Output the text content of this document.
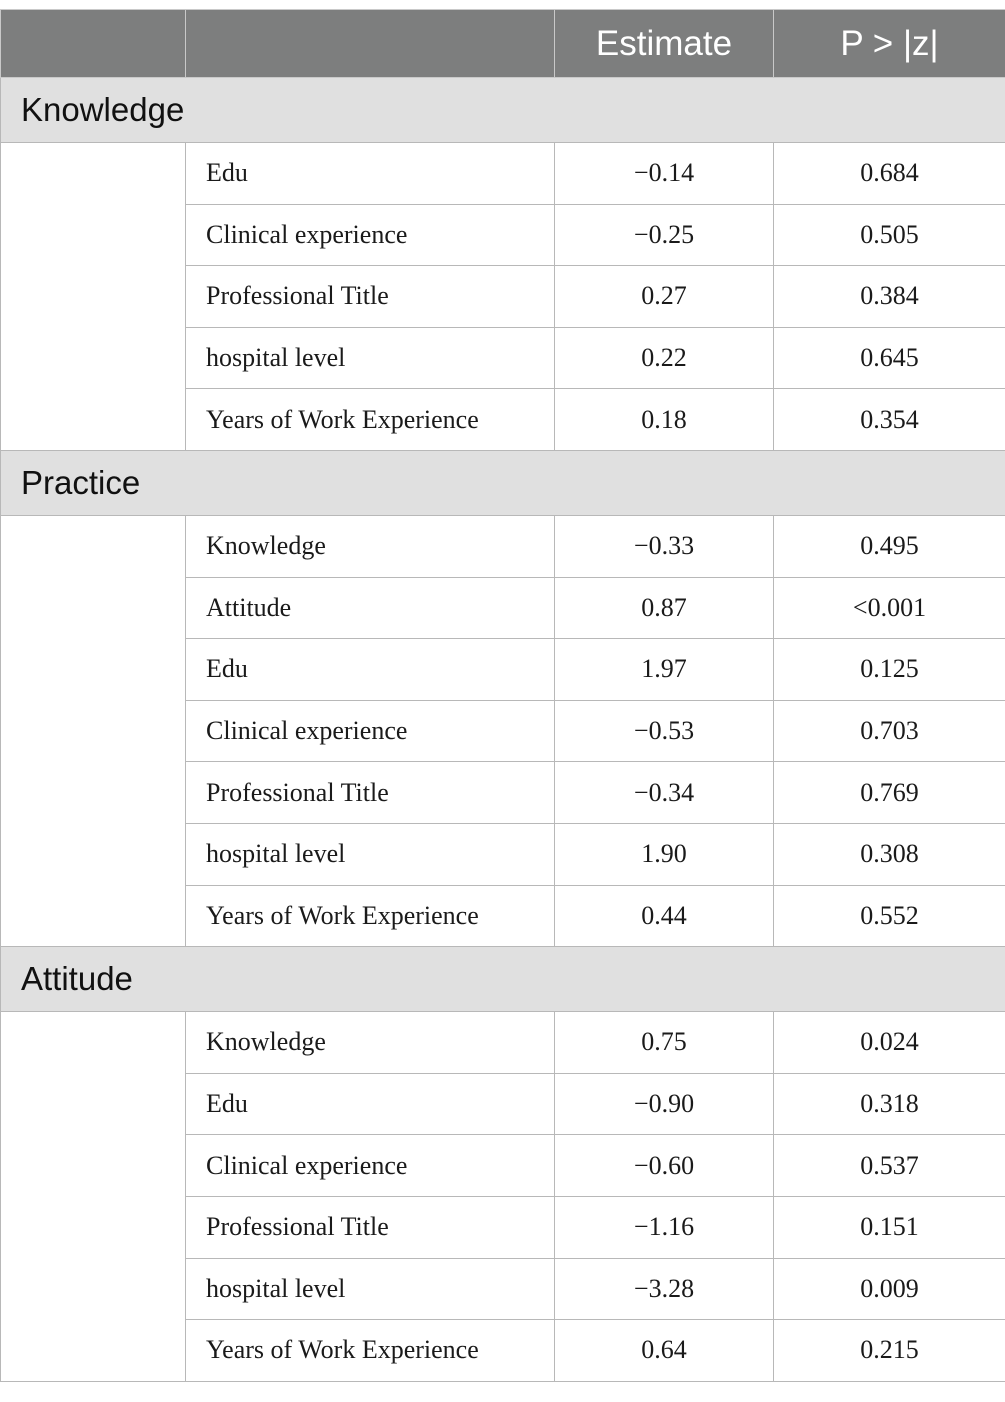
		Estimate	P > |z|
Knowledge			
	Edu	−0.14	0.684
	Clinical experience	−0.25	0.505
	Professional Title	0.27	0.384
	hospital level	0.22	0.645
	Years of Work Experience	0.18	0.354
Practice			
	Knowledge	−0.33	0.495
	Attitude	0.87	<0.001
	Edu	1.97	0.125
	Clinical experience	−0.53	0.703
	Professional Title	−0.34	0.769
	hospital level	1.90	0.308
	Years of Work Experience	0.44	0.552
Attitude			
	Knowledge	0.75	0.024
	Edu	−0.90	0.318
	Clinical experience	−0.60	0.537
	Professional Title	−1.16	0.151
	hospital level	−3.28	0.009
	Years of Work Experience	0.64	0.215
